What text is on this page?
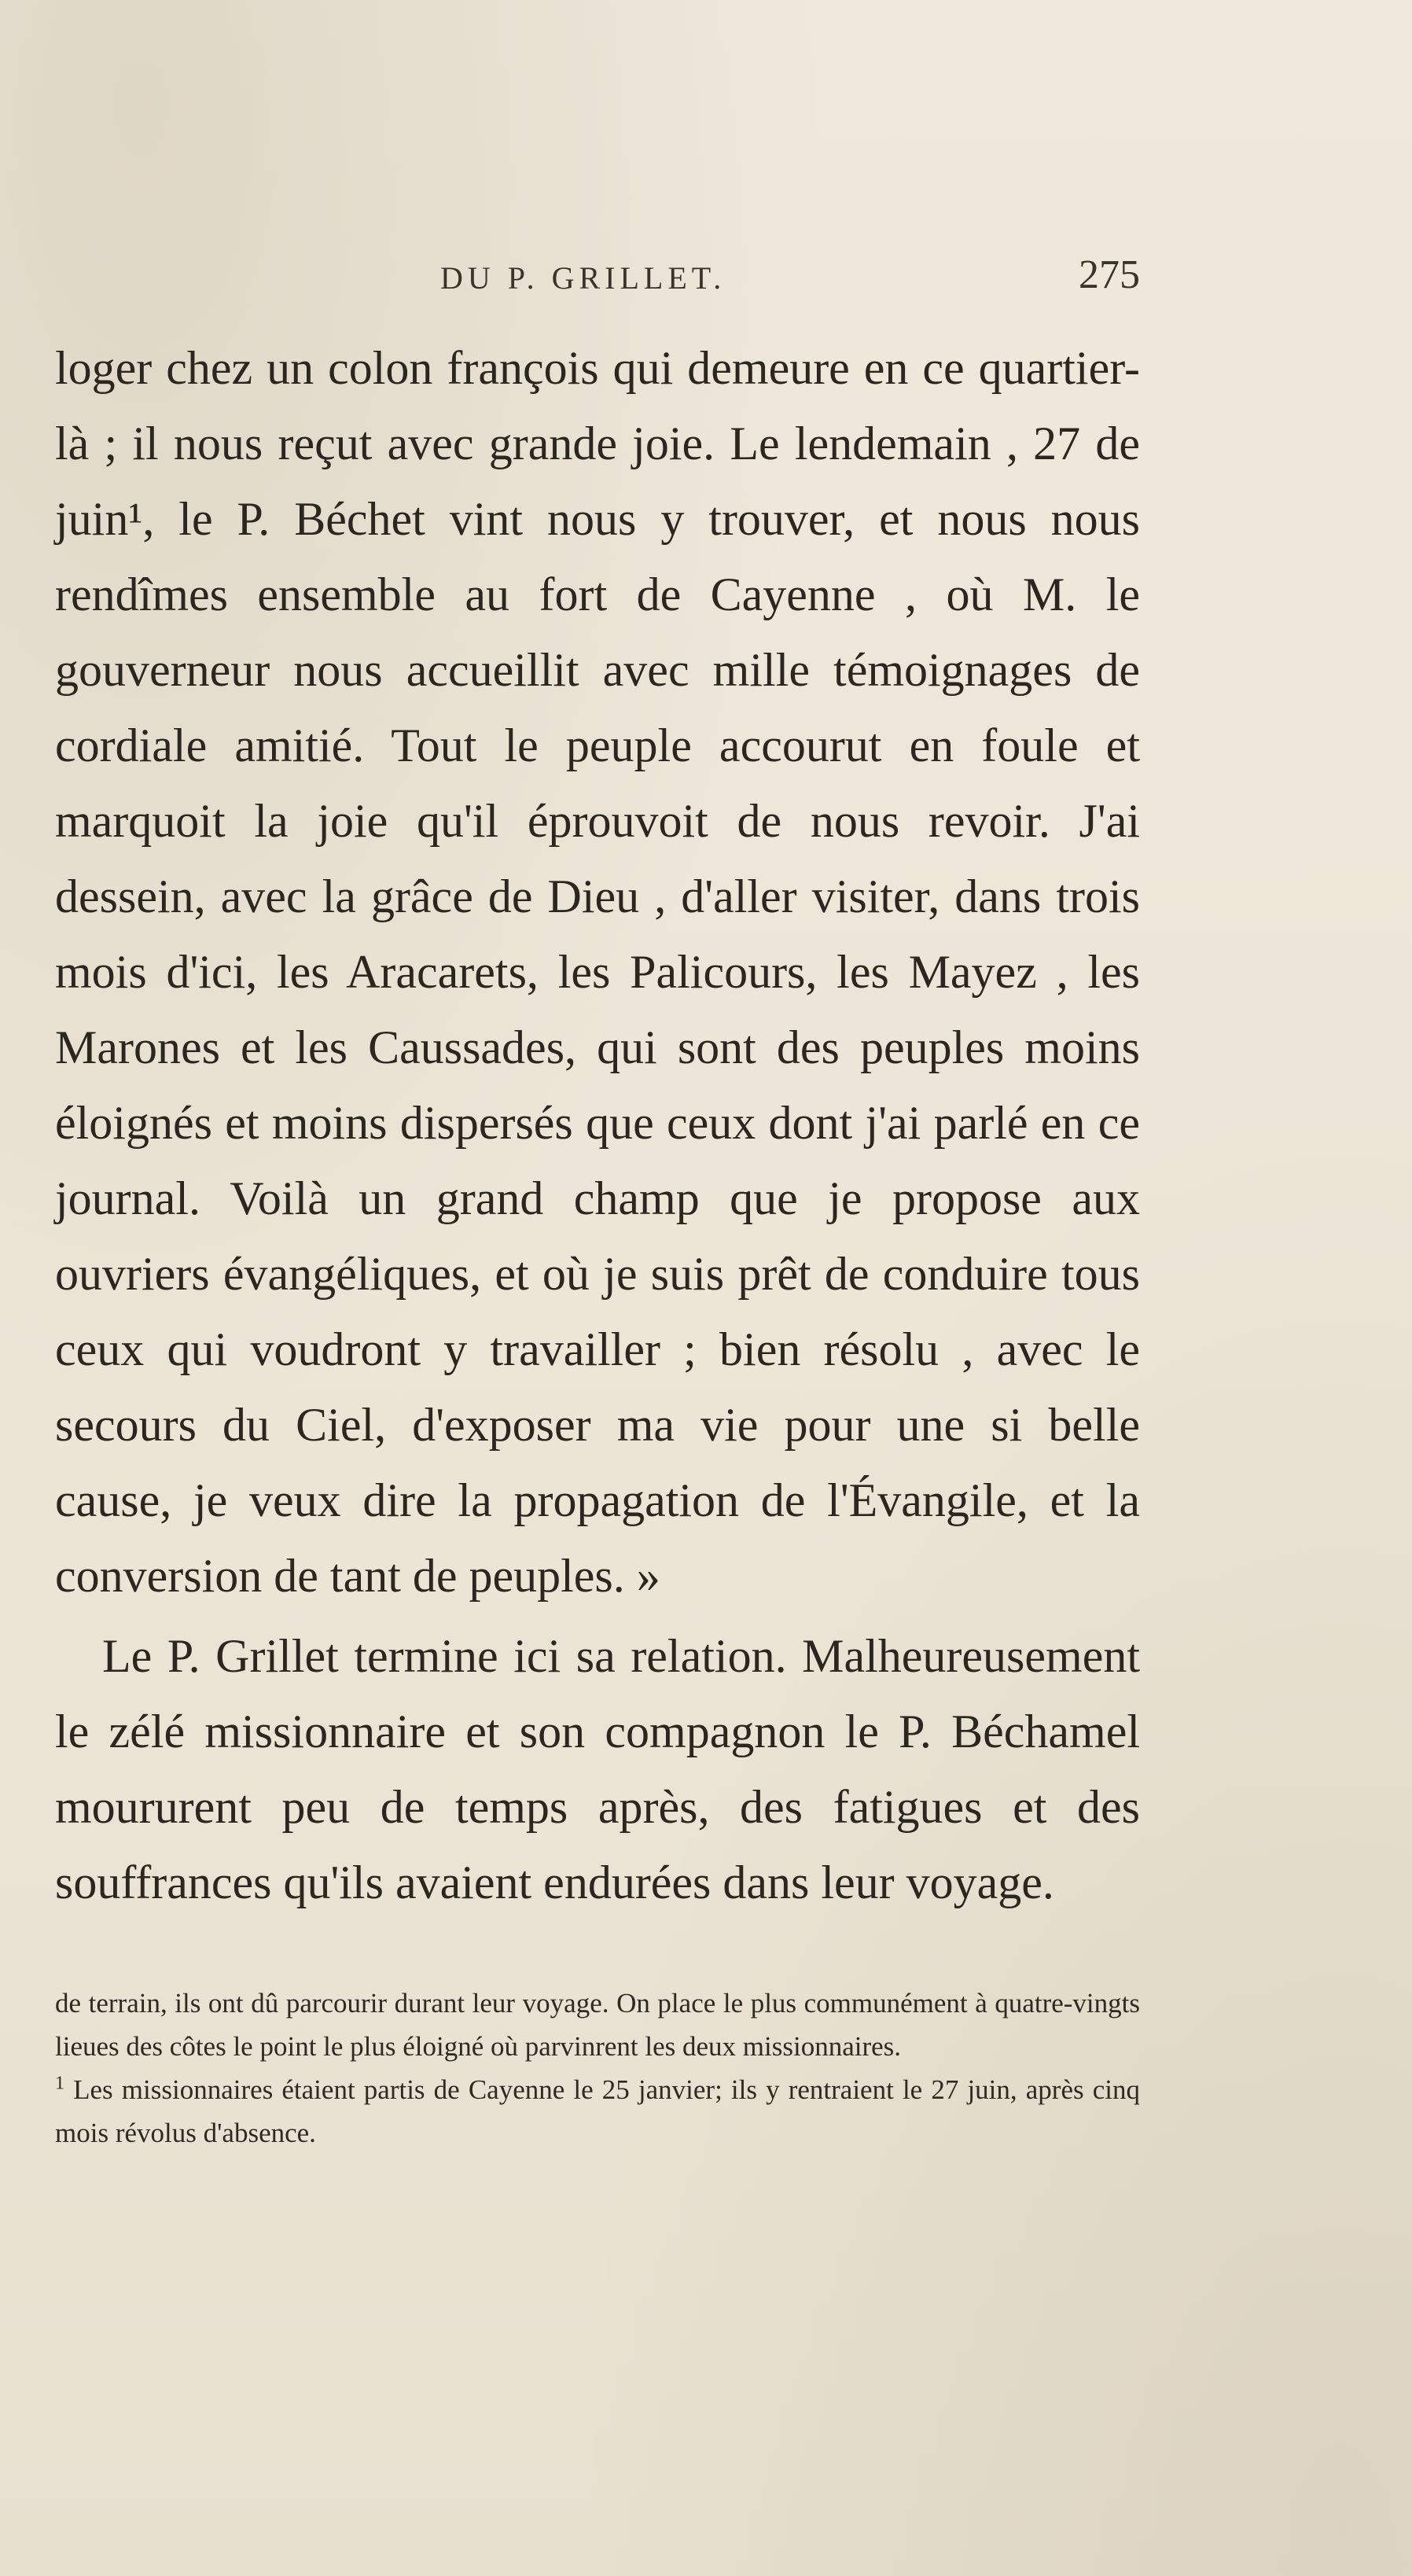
DU P. GRILLET.	275

loger chez un colon françois qui demeure en ce quartier-là ; il nous reçut avec grande joie. Le lendemain , 27 de juin¹, le P. Béchet vint nous y trouver, et nous nous rendîmes ensemble au fort de Cayenne , où M. le gouverneur nous accueillit avec mille témoignages de cordiale amitié. Tout le peuple accourut en foule et marquoit la joie qu'il éprouvoit de nous revoir. J'ai dessein, avec la grâce de Dieu , d'aller visiter, dans trois mois d'ici, les Aracarets, les Palicours, les Mayez , les Marones et les Caussades, qui sont des peuples moins éloignés et moins dispersés que ceux dont j'ai parlé en ce journal. Voilà un grand champ que je propose aux ouvriers évangéliques, et où je suis prêt de conduire tous ceux qui voudront y travailler ; bien résolu , avec le secours du Ciel, d'exposer ma vie pour une si belle cause, je veux dire la propagation de l'Évangile, et la conversion de tant de peuples. »

Le P. Grillet termine ici sa relation. Malheureusement le zélé missionnaire et son compagnon le P. Béchamel moururent peu de temps après, des fatigues et des souffrances qu'ils avaient endurées dans leur voyage.

de terrain, ils ont dû parcourir durant leur voyage. On place le plus communément à quatre-vingts lieues des côtes le point le plus éloigné où parvinrent les deux missionnaires.

$^1$ Les missionnaires étaient partis de Cayenne le 25 janvier; ils y rentraient le 27 juin, après cinq mois révolus d'absence.
